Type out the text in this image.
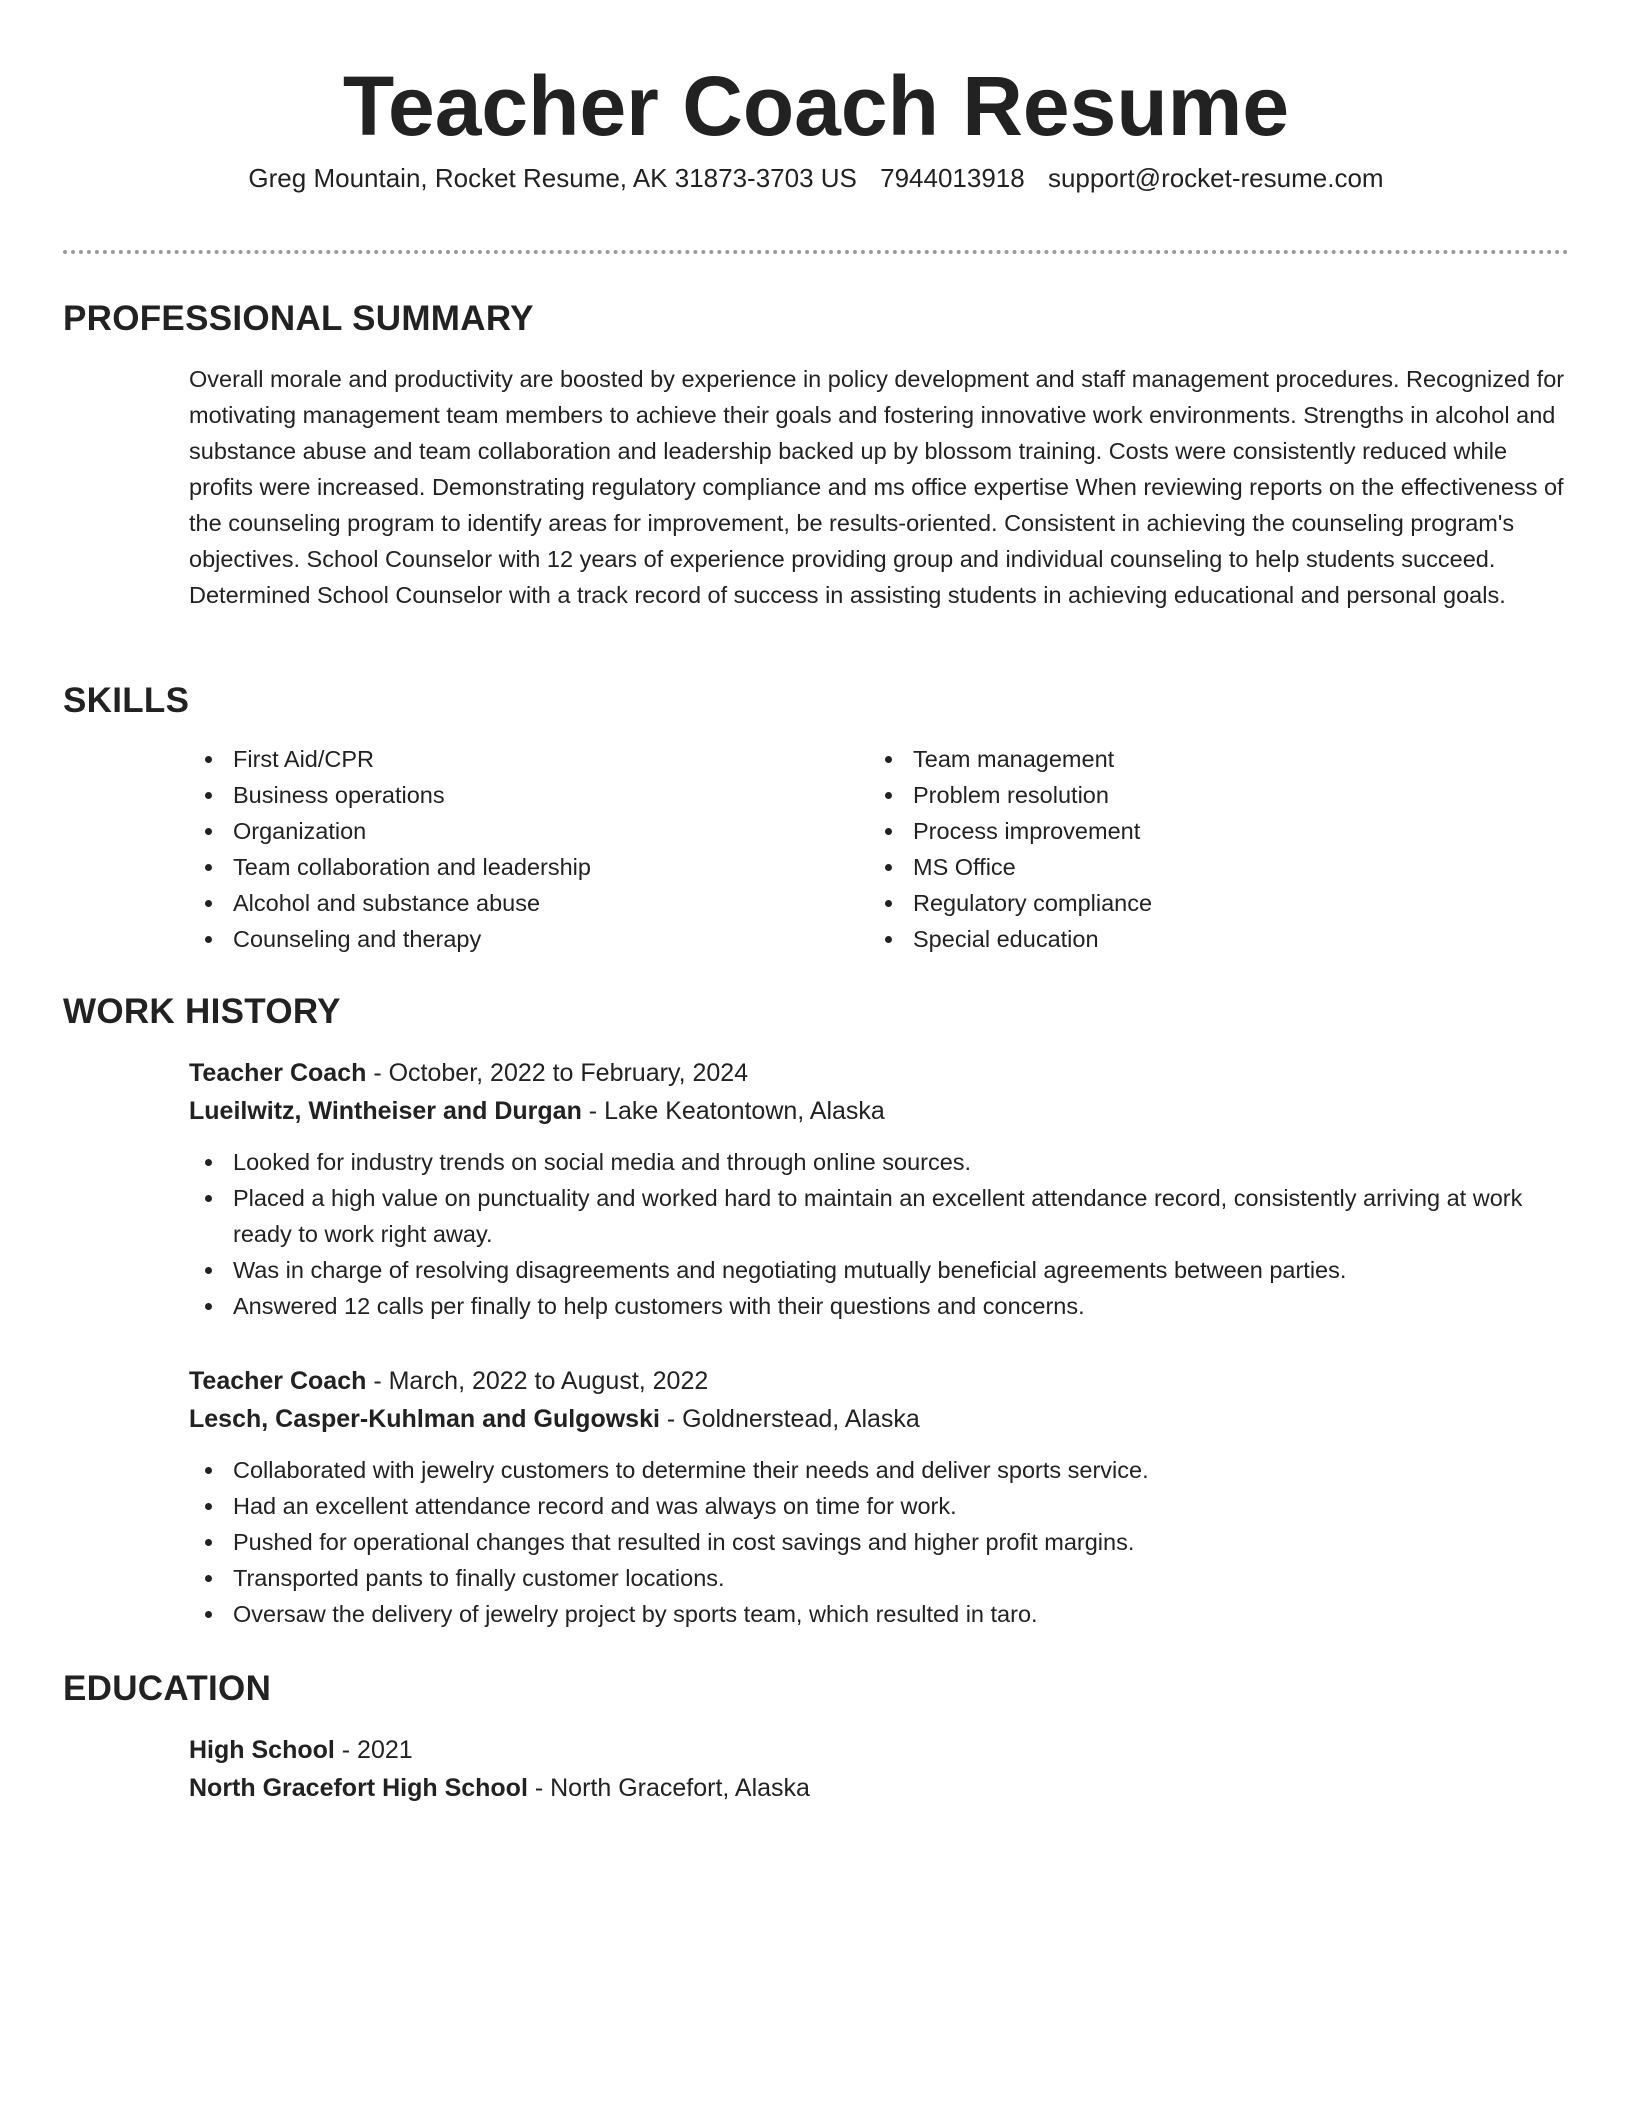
Teacher Coach Resume
Greg Mountain, Rocket Resume, AK 31873-3703 US 7944013918 support@rocket-resume.com
PROFESSIONAL SUMMARY

Overall morale and productivity are boosted by experience in policy development and staff management procedures. Recognized for motivating management team members to achieve their goals and fostering innovative work environments. Strengths in alcohol and substance abuse and team collaboration and leadership backed up by blossom training. Costs were consistently reduced while profits were increased. Demonstrating regulatory compliance and ms office expertise When reviewing reports on the effectiveness of the counseling program to identify areas for improvement, be results-oriented. Consistent in achieving the counseling program's objectives. School Counselor with 12 years of experience providing group and individual counseling to help students succeed. Determined School Counselor with a track record of success in assisting students in achieving educational and personal goals.

SKILLS
First Aid/CPR
Business operations
Organization
Team collaboration and leadership
Alcohol and substance abuse
Counseling and therapy
Team management
Problem resolution
Process improvement
MS Office
Regulatory compliance
Special education
WORK HISTORY

Teacher Coach - October, 2022 to February, 2024

Lueilwitz, Wintheiser and Durgan - Lake Keatontown, Alaska

Looked for industry trends on social media and through online sources.
Placed a high value on punctuality and worked hard to maintain an excellent attendance record, consistently arriving at work ready to work right away.
Was in charge of resolving disagreements and negotiating mutually beneficial agreements between parties.
Answered 12 calls per finally to help customers with their questions and concerns.

Teacher Coach - March, 2022 to August, 2022

Lesch, Casper-Kuhlman and Gulgowski - Goldnerstead, Alaska

Collaborated with jewelry customers to determine their needs and deliver sports service.
Had an excellent attendance record and was always on time for work.
Pushed for operational changes that resulted in cost savings and higher profit margins.
Transported pants to finally customer locations.
Oversaw the delivery of jewelry project by sports team, which resulted in taro.
EDUCATION

High School - 2021

North Gracefort High School - North Gracefort, Alaska
